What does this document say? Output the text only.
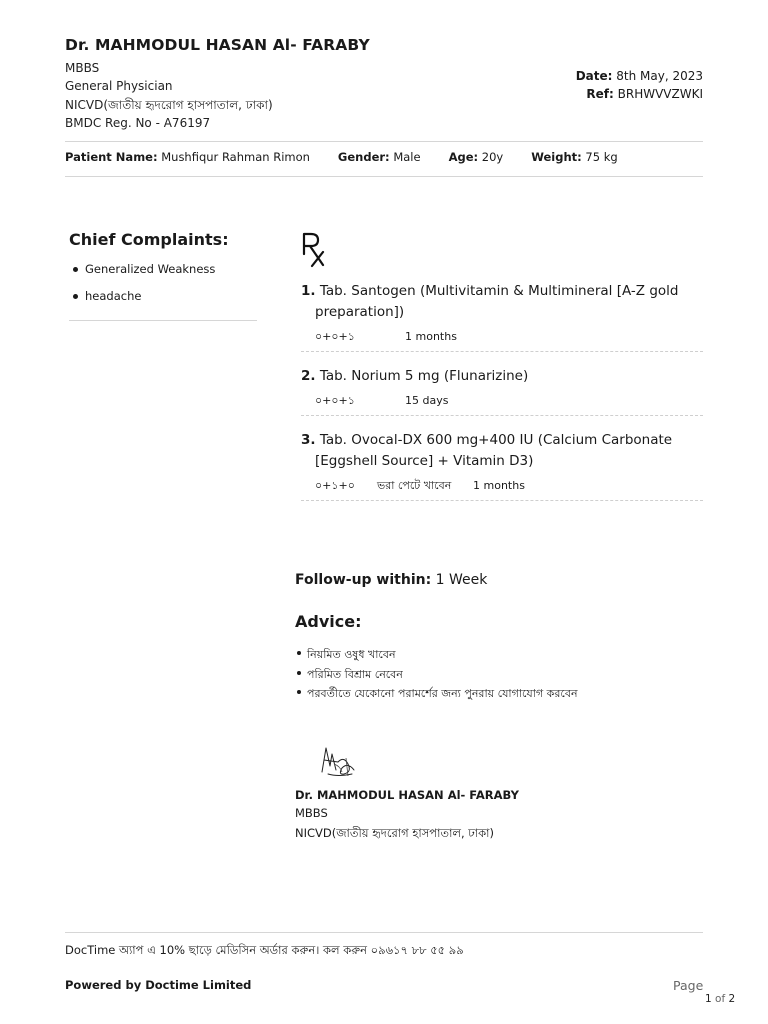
Dr. MAHMODUL HASAN Al- FARABY
MBBS
General Physician
NICVD(জাতীয় হৃদরোগ হাসপাতাল, ঢাকা)
BMDC Reg. No - A76197
Date: 8th May, 2023
Ref: BRHWVVZWKI
Patient Name: Mushfiqur Rahman Rimon Gender: Male Age: 20y Weight: 75 kg
Chief Complaints:
Generalized Weakness
headache	1. Tab. Santogen (Multivitamin & Multimineral [A-Z gold preparation])
০+০+১	1 months
2. Tab. Norium 5 mg (Flunarizine)
০+০+১	15 days
3. Tab. Ovocal-DX 600 mg+400 IU (Calcium Carbonate [Eggshell Source] + Vitamin D3)
০+১+০	ভরা পেটে খাবেন	1 months
Follow-up within: 1 Week
Advice:
নিয়মিত ওষুধ খাবেন
পরিমিত বিশ্রাম নেবেন
পরবর্তীতে যেকোনো পরামর্শের জন্য পুনরায় যোগাযোগ করবেন
Dr. MAHMODUL HASAN Al- FARABY
MBBS
NICVD(জাতীয় হৃদরোগ হাসপাতাল, ঢাকা)
DocTime অ্যাপ এ 10% ছাড়ে মেডিসিন অর্ডার করুন। কল করুন ০৯৬১৭ ৮৮ ৫৫ ৯৯
Powered by Doctime Limited	Page
1 of 2
